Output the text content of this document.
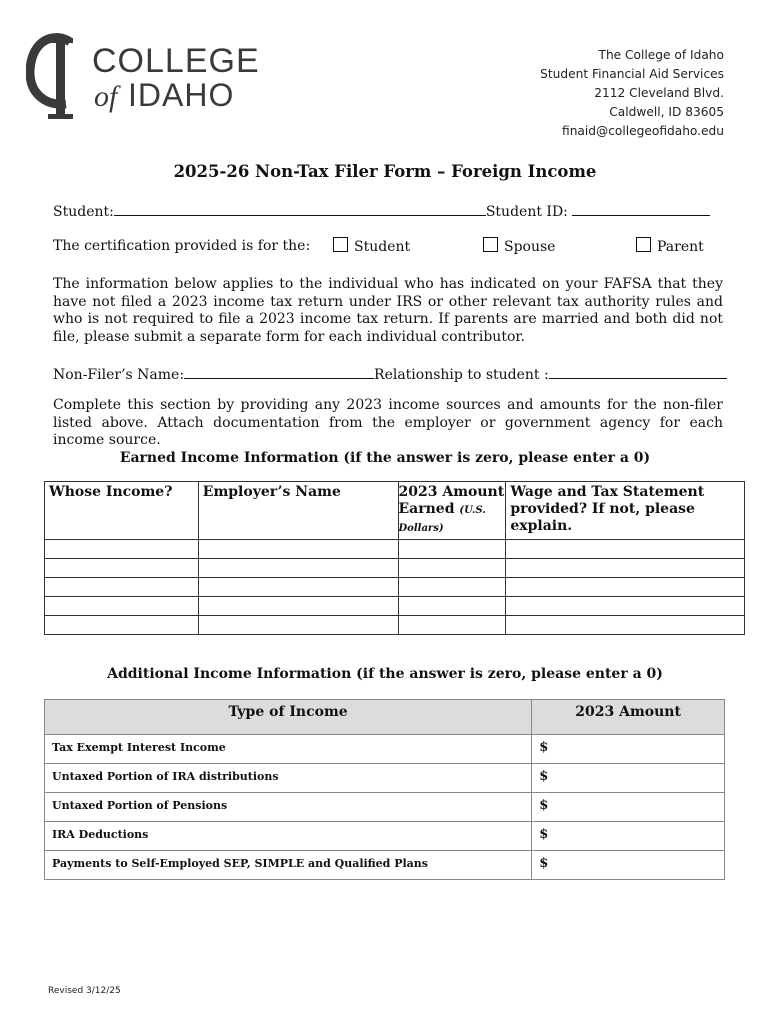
COLLEGE
of IDAHO
The College of Idaho
Student Financial Aid Services
2112 Cleveland Blvd.
Caldwell, ID 83605
finaid@collegeofidaho.edu
2025-26 Non-Tax Filer Form – Foreign Income
Student:	Student ID:
The certification provided is for the:	Student	Spouse	Parent
The information below applies to the individual who has indicated on your FAFSA that they have not filed a 2023 income tax return under IRS or other relevant tax authority rules and who is not required to file a 2023 income tax return. If parents are married and both did not file, please submit a separate form for each individual contributor.
Non-Filer’s Name:	Relationship to student :
Complete this section by providing any 2023 income sources and amounts for the non-filer listed above. Attach documentation from the employer or government agency for each income source.
Earned Income Information (if the answer is zero, please enter a 0)
Whose Income?	Employer’s Name	2023 Amount Earned (U.S. Dollars)	Wage and Tax Statement provided? If not, please explain.

Additional Income Information (if the answer is zero, please enter a 0)
Type of Income	2023 Amount
Tax Exempt Interest Income	$
Untaxed Portion of IRA distributions	$
Untaxed Portion of Pensions	$
IRA Deductions	$
Payments to Self-Employed SEP, SIMPLE and Qualified Plans	$
Revised 3/12/25
